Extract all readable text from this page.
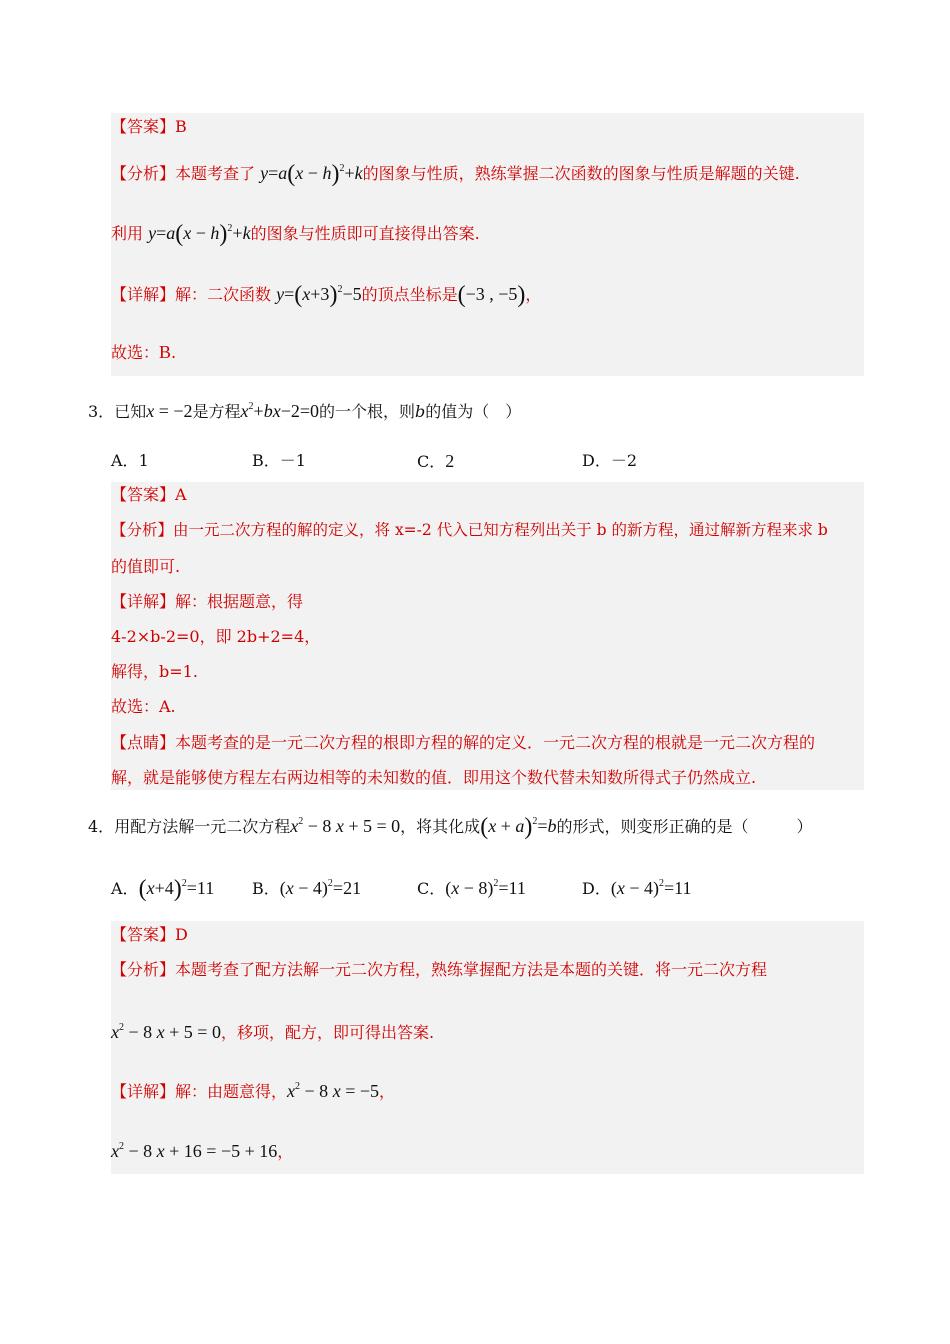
【答案】B
【分析】本题考查了 $y=a(x - h)^2+k$的图象与性质，熟练掌握二次函数的图象与性质是解题的关键.
利用 $y=a(x - h)^2+k$的图象与性质即可直接得出答案.
【详解】解：二次函数 $y=(x+3)^2-5$的顶点坐标是(−3 , −5)，
故选：B.
3．已知x = −2是方程$x^2+bx-2=0$的一个根，则b的值为（　）
A．1	B．－1	C．2	D．－2
【答案】A
【分析】由一元二次方程的解的定义，将 x=-2 代入已知方程列出关于 b 的新方程，通过解新方程来求 b
的值即可.
【详解】解：根据题意，得
4-2×b-2=0，即 2b+2=4，
解得，b=1.
故选：A.
【点睛】本题考查的是一元二次方程的根即方程的解的定义．一元二次方程的根就是一元二次方程的
解，就是能够使方程左右两边相等的未知数的值．即用这个数代替未知数所得式子仍然成立.
4．用配方法解一元二次方程$x^2 - 8$ x + 5 = 0，将其化成$(x + a)^2=b$的形式，则变形正确的是（　　　）
A．$(x+4)^2=11$ B．$(x - 4)^2=21$	C．$(x - 8)^2=11$	D．$(x - 4)^2=11$
【答案】D
【分析】本题考查了配方法解一元二次方程，熟练掌握配方法是本题的关键．将一元二次方程
$x^2 - 8$ x + 5 = 0，移项，配方，即可得出答案.
【详解】解：由题意得，$x^2 - 8$ x = −5，
$x^2 - 8$ x + 16 = −5 + 16，
